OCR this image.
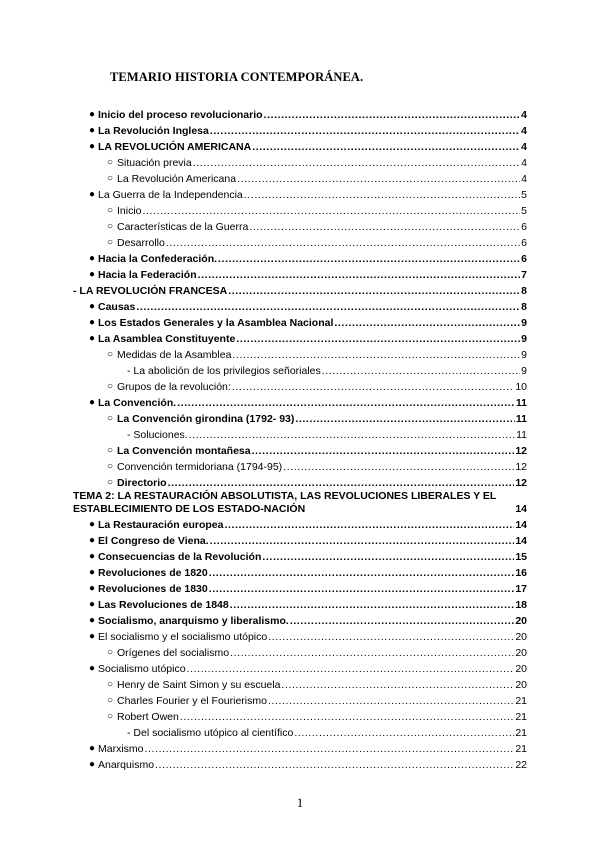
TEMARIO HISTORIA CONTEMPORÁNEA.
● Inicio del proceso revolucionario .....	4
● La Revolución Inglesa .....	4
● LA REVOLUCIÓN AMERICANA .....	4
○ Situación previa .....	4
○ La Revolución Americana .....	4
● La Guerra de la Independencia .....	5
○ Inicio .....	5
○ Características de la Guerra .....	6
○ Desarrollo .....	6
● Hacia la Confederación. .....	6
● Hacia la Federación .....	7
- LA REVOLUCIÓN FRANCESA .....	8
● Causas .....	8
● Los Estados Generales y la Asamblea Nacional .....	9
● La Asamblea Constituyente .....	9
○ Medidas de la Asamblea .....	9
- La abolición de los privilegios señoriales .....	9
○ Grupos de la revolución: .....	10
● La Convención. .....	11
○ La Convención girondina (1792- 93) .....	11
- Soluciones. .....	11
○ La Convención montañesa .....	12
○ Convención termidoriana (1794-95) .....	12
○ Directorio .....	12
TEMA 2: LA RESTAURACIÓN ABSOLUTISTA, LAS REVOLUCIONES LIBERALES Y EL ESTABLECIMIENTO DE LOS ESTADO-NACIÓN	14
● La Restauración europea .....	14
● El Congreso de Viena. .....	14
● Consecuencias de la Revolución .....	15
● Revoluciones de 1820 .....	16
● Revoluciones de 1830 .....	17
● Las Revoluciones de 1848 .....	18
● Socialismo, anarquismo y liberalismo. .....	20
● El socialismo y el socialismo utópico .....	20
○ Orígenes del socialismo .....	20
● Socialismo utópico .....	20
○ Henry de Saint Simon y su escuela .....	20
○ Charles Fourier y el Fourierismo .....	21
○ Robert Owen .....	21
- Del socialismo utópico al científico .....	21
● Marxismo .....	21
● Anarquismo .....	22
1
